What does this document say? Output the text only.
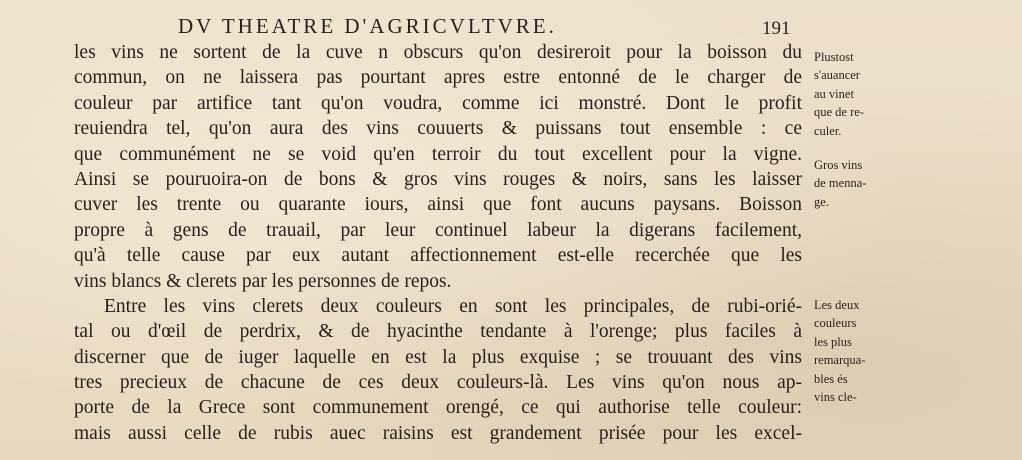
DV THEATRE D'AGRICVLTVRE.	191
les vins ne sortent de la cuve n obscurs qu'on desireroit pour la boisson du
commun, on ne laissera pas pourtant apres estre entonné de le charger de
couleur par artifice tant qu'on voudra, comme ici monstré. Dont le profit
reuiendra tel, qu'on aura des vins couuerts & puissans tout ensemble : ce
que communément ne se void qu'en terroir du tout excellent pour la vigne.
Ainsi se pouruoira-on de bons & gros vins rouges & noirs, sans les laisser
cuver les trente ou quarante iours, ainsi que font aucuns paysans. Boisson
propre à gens de trauail, par leur continuel labeur la digerans facilement,
qu'à telle cause par eux autant affectionnement est-elle recerchée que les
vins blancs & clerets par les personnes de repos.
Entre les vins clerets deux couleurs en sont les principales, de rubi-orié-
tal ou d'œil de perdrix, & de hyacinthe tendante à l'orenge; plus faciles à
discerner que de iuger laquelle en est la plus exquise ; se trouuant des vins
tres precieux de chacune de ces deux couleurs-là. Les vins qu'on nous ap-
porte de la Grece sont communement orengé, ce qui authorise telle couleur:
mais aussi celle de rubis auec raisins est grandement prisée pour les excel-
Plustost
s'auancer
au vinet
que de re-
culer.
Gros vins
de menna-
ge.
Les deux
couleurs
les plus
remarqua-
bles és
vins cle-
